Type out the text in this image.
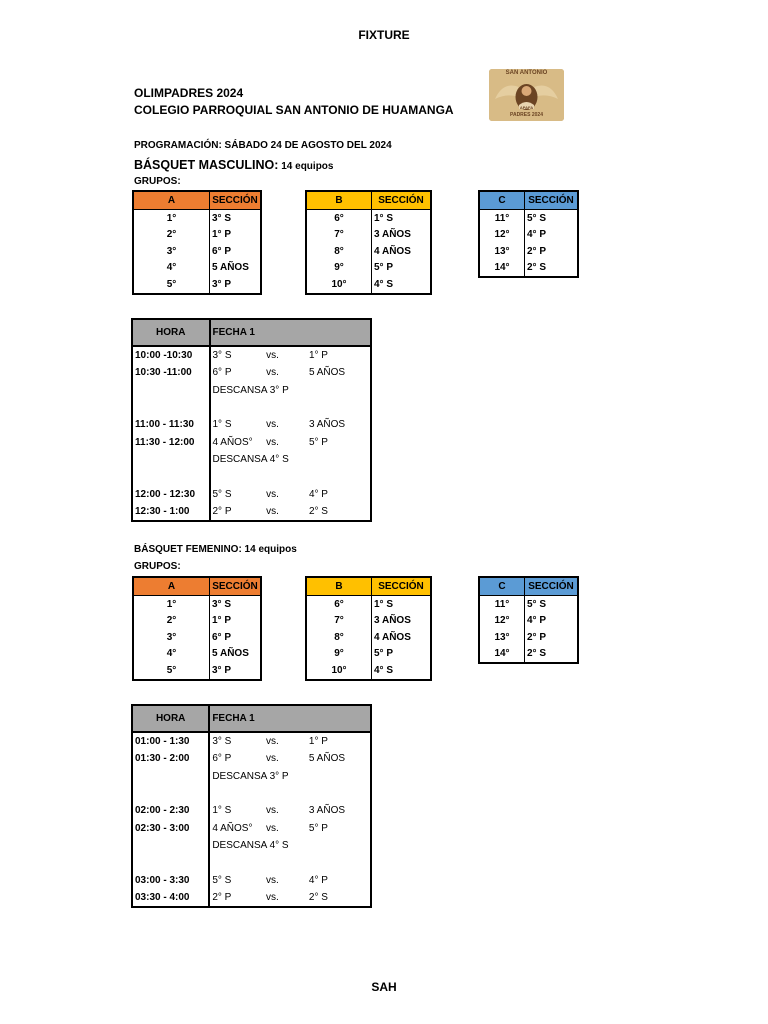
FIXTURE
OLIMPADRES 2024
COLEGIO PARROQUIAL SAN ANTONIO DE HUAMANGA
SAN ANTONIO
APAFA
PADRES 2024
PROGRAMACIÓN: SÁBADO 24 DE AGOSTO DEL 2024
BÁSQUET MASCULINO: 14 equipos
GRUPOS:
A	SECCIÓN
1°	3° S
2°	1° P
3°	6° P
4°	5 AÑOS
5°	3° P
B	SECCIÓN
6°	1° S
7°	3 AÑOS
8°	4 AÑOS
9°	5° P
10°	4° S
C	SECCIÓN
11°	5° S
12°	4° P
13°	2° P
14°	2° S
HORA	FECHA 1		
10:00 -10:30	3° S	vs.	1° P
10:30 -11:00	6° P	vs.	5 AÑOS
	DESCANSA 3° P		

11:00 - 11:30	1° S	vs.	3 AÑOS
11:30 - 12:00	4 AÑOS°	vs.	5° P
	DESCANSA 4° S		

12:00 - 12:30	5° S	vs.	4° P
12:30 - 1:00	2° P	vs.	2° S
BÁSQUET FEMENINO: 14 equipos
GRUPOS:
A	SECCIÓN
1°	3° S
2°	1° P
3°	6° P
4°	5 AÑOS
5°	3° P
B	SECCIÓN
6°	1° S
7°	3 AÑOS
8°	4 AÑOS
9°	5° P
10°	4° S
C	SECCIÓN
11°	5° S
12°	4° P
13°	2° P
14°	2° S
HORA	FECHA 1		
01:00 - 1:30	3° S	vs.	1° P
01:30 - 2:00	6° P	vs.	5 AÑOS
	DESCANSA 3° P		

02:00 - 2:30	1° S	vs.	3 AÑOS
02:30 - 3:00	4 AÑOS°	vs.	5° P
	DESCANSA 4° S		

03:00 - 3:30	5° S	vs.	4° P
03:30 - 4:00	2° P	vs.	2° S
SAH
